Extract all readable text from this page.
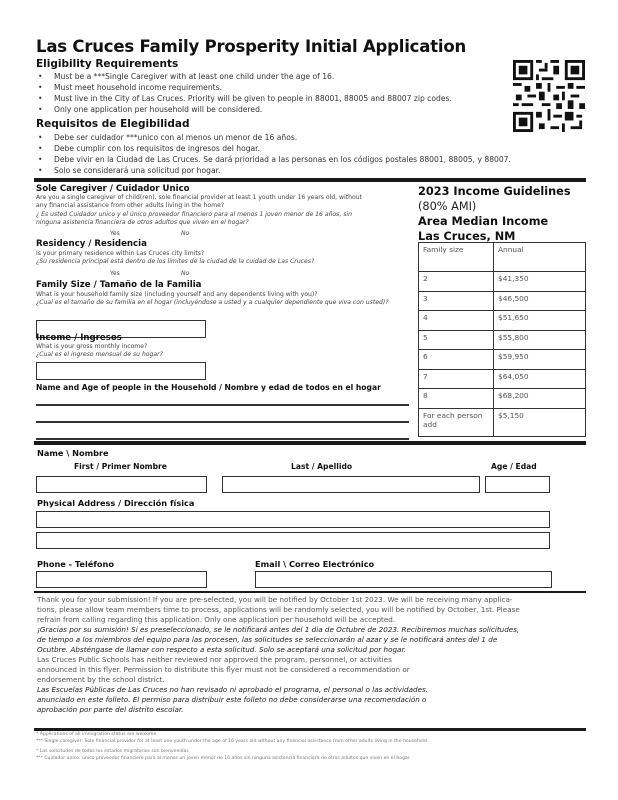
Las Cruces Family Prosperity Initial Application
Eligibility Requirements
• Must be a ***Single Caregiver with at least one child under the age of 16.
• Must meet household income requirements.
• Must live in the City of Las Cruces. Priority will be given to people in 88001, 88005 and 88007 zip codes.
• Only one application per household will be considered.
Requisitos de Elegibilidad
• Debe ser cuidador ***unico con al menos un menor de 16 años.
• Debe cumplir con los requisitos de ingresos del hogar.
• Debe vivir en la Ciudad de Las Cruces. Se dará prioridad a las personas en los códigos postales 88001, 88005, y 88007.
• Solo se considerará una solicitud por hogar.
Sole Caregiver / Cuidador Unico
Are you a single caregiver of child(ren), sole financial provider at least 1 youth under 16 years old, without
any financial assistance from other adults living in the home?
¿ Es usted Cuidador unico y el único proveedor financiero para al menos 1 joven menor de 16 años, sin
ninguna asistencia financiera de otros adultos que viven en el hogar?
Yes	No
Residency / Residencia
Is your primary residence within Las Cruces city limits?
¿Su residencia principal está dentro de los límites de la ciudad de la cuidad de Las Cruces?
Yes	No
Family Size / Tamaño de la Familia
What is your household family size (including yourself and any dependents living with you)?
¿Cual es el tamaño de su familia en el hogar (incluyéndose a usted y a cualquier dependiente que viva con usted)?
Income / Ingresos
What is your gross monthly income?
¿Cual es el ingreso mensual de su hogar?
Name and Age of people in the Household / Nombre y edad de todos en el hogar
2023 Income Guidelines
(80% AMI)
Area Median Income
Las Cruces, NM
Family size	Annual
2	$41,350
3	$46,500
4	$51,650
5	$55,800
6	$59,950
7	$64,050
8	$68,200
For each person add	$5,150
Name \ Nombre
First / Primer Nombre	Last / Apellido	Age / Edad
Physical Address / Dirección física
Phone - Teléfono	Email \ Correo Electrónico
Thank you for your submission! If you are pre-selected, you will be notified by October 1st 2023. We will be receiving many applica-
tions, please allow team members time to process, applications will be randomly selected, you will be notified by October, 1st. Please
refrain from calling regarding this application. Only one application per household will be accepted.
¡Gracias por su sumisión! Si es preseleccionado, se le notificará antes del 1 dia de Octubre de 2023. Recibiremos muchas solicitudes,
de tiempo a los miembros del equipo para las procesen, las solicitudes se seleccionarán al azar y se le notificará antes del 1 de
Ocutbre. Absténgase de llamar con respecto a esta solicitud. Solo se aceptará una solicitud por hogar.
Las Cruces Public Schools has neither reviewed nor approved the program, personnel, or activities
announced in this flyer. Permission to distribute this flyer must not be considered a recommendation or
endorsement by the school district.
Las Escuelas Públicas de Las Cruces no han revisado ni aprobado el programa, el personal o las actividades.
anunciado en este folleto. El permiso para distribuir este folleto no debe considerarse una recomendación o
aprobación por parte del distrito escolar.
* Applications of all immigration status are welcome
*** Single caregiver: Sole financial provider for at least one youth under the age of 16 years old without any financial assistance from other adults living in the household.
* Las solicitudes de todos los estados migratorios son bienvenidas
*** Cuidador único: único proveedor financiero para al menos un joven menor de 16 años sin ninguna asistencia financiera de otros adultos que viven en el hogar
